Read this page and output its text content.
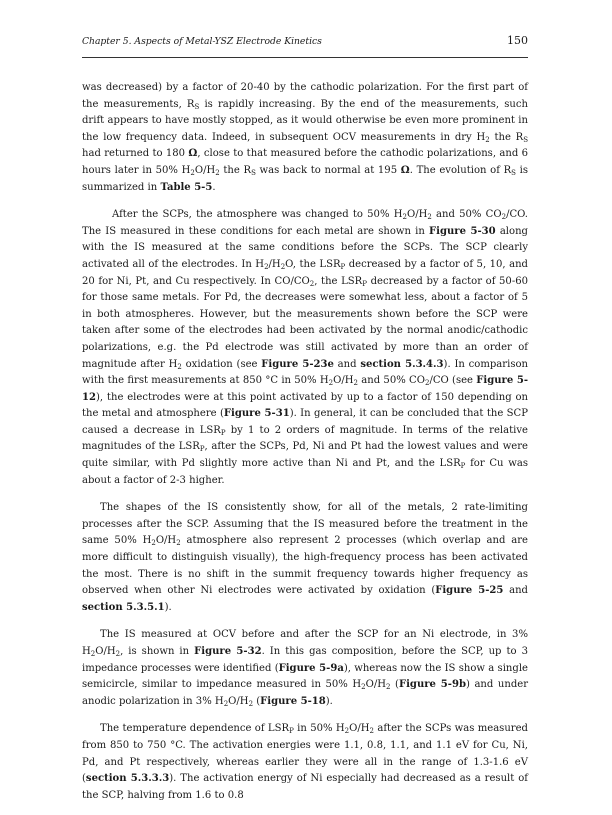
Chapter 5. Aspects of Metal-YSZ Electrode Kinetics	150

was decreased) by a factor of 20-40 by the cathodic polarization. For the first part of the measurements, $R_S$ is rapidly increasing. By the end of the measurements, such drift appears to have mostly stopped, as it would otherwise be even more prominent in the low frequency data. Indeed, in subsequent OCV measurements in dry $H_2$ the $R_S$ had returned to 180 Ω, close to that measured before the cathodic polarizations, and 6 hours later in 50% $H_2O/H_2$ the $R_S$ was back to normal at 195 Ω. The evolution of $R_S$ is summarized in Table 5-5.

After the SCPs, the atmosphere was changed to 50% $H_2O/H_2$ and 50% $CO_2/CO$. The IS measured in these conditions for each metal are shown in Figure 5-30 along with the IS measured at the same conditions before the SCPs. The SCP clearly activated all of the electrodes. In $H_2/H_2O$, the $LSR_P$ decreased by a factor of 5, 10, and 20 for Ni, Pt, and Cu respectively. In $CO/CO_2$, the $LSR_P$ decreased by a factor of 50-60 for those same metals. For Pd, the decreases were somewhat less, about a factor of 5 in both atmospheres. However, but the measurements shown before the SCP were taken after some of the electrodes had been activated by the normal anodic/cathodic polarizations, e.g. the Pd electrode was still activated by more than an order of magnitude after $H_2$ oxidation (see Figure 5-23e and section 5.3.4.3). In comparison with the first measurements at 850 °C in 50% $H_2O/H_2$ and 50% $CO_2/CO$ (see Figure 5-12), the electrodes were at this point activated by up to a factor of 150 depending on the metal and atmosphere (Figure 5-31). In general, it can be concluded that the SCP caused a decrease in $LSR_P$ by 1 to 2 orders of magnitude. In terms of the relative magnitudes of the $LSR_P$, after the SCPs, Pd, Ni and Pt had the lowest values and were quite similar, with Pd slightly more active than Ni and Pt, and the $LSR_P$ for Cu was about a factor of 2-3 higher.

The shapes of the IS consistently show, for all of the metals, 2 rate-limiting processes after the SCP. Assuming that the IS measured before the treatment in the same 50% $H_2O/H_2$ atmosphere also represent 2 processes (which overlap and are more difficult to distinguish visually), the high-frequency process has been activated the most. There is no shift in the summit frequency towards higher frequency as observed when other Ni electrodes were activated by oxidation (Figure 5-25 and section 5.3.5.1).

The IS measured at OCV before and after the SCP for an Ni electrode, in 3% $H_2O/H_2$, is shown in Figure 5-32. In this gas composition, before the SCP, up to 3 impedance processes were identified (Figure 5-9a), whereas now the IS show a single semicircle, similar to impedance measured in 50% $H_2O/H_2$ (Figure 5-9b) and under anodic polarization in 3% $H_2O/H_2$ (Figure 5-18).

The temperature dependence of $LSR_P$ in 50% $H_2O/H_2$ after the SCPs was measured from 850 to 750 °C. The activation energies were 1.1, 0.8, 1.1, and 1.1 eV for Cu, Ni, Pd, and Pt respectively, whereas earlier they were all in the range of 1.3-1.6 eV (section 5.3.3.3). The activation energy of Ni especially had decreased as a result of the SCP, halving from 1.6 to 0.8
